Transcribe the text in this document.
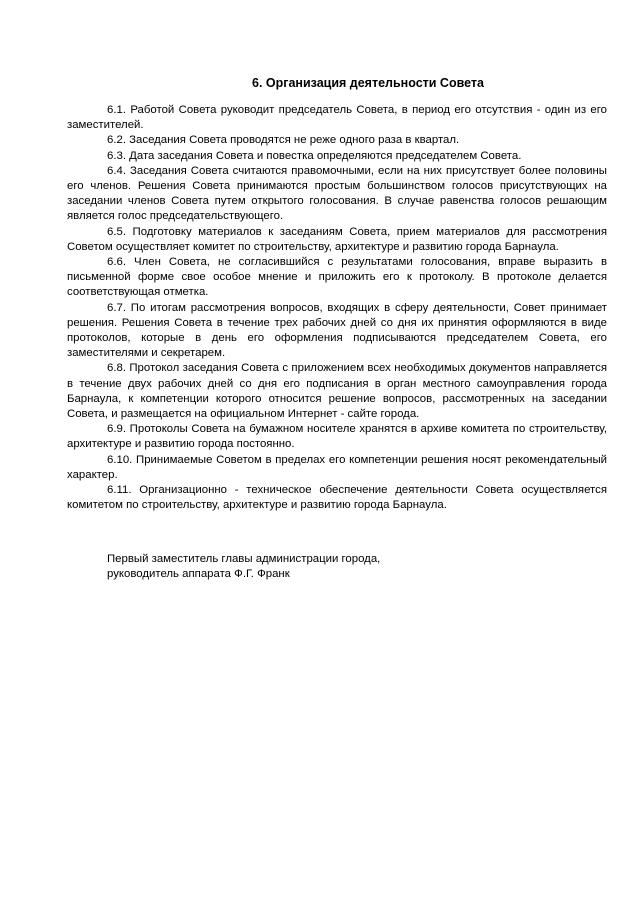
6. Организация деятельности Совета

6.1. Работой Совета руководит председатель Совета, в период его отсутствия - один из его заместителей.

6.2. Заседания Совета проводятся не реже одного раза в квартал.

6.3. Дата заседания Совета и повестка определяются председателем Совета.

6.4. Заседания Совета считаются правомочными, если на них присутствует более половины его членов. Решения Совета принимаются простым большинством голосов присутствующих на заседании членов Совета путем открытого голосования. В случае равенства голосов решающим является голос председательствующего.

6.5. Подготовку материалов к заседаниям Совета, прием материалов для рассмотрения Советом осуществляет комитет по строительству, архитектуре и развитию города Барнаула.

6.6. Член Совета, не согласившийся с результатами голосования, вправе выразить в письменной форме свое особое мнение и приложить его к протоколу. В протоколе делается соответствующая отметка.

6.7. По итогам рассмотрения вопросов, входящих в сферу деятельности, Совет принимает решения. Решения Совета в течение трех рабочих дней со дня их принятия оформляются в виде протоколов, которые в день его оформления подписываются председателем Совета, его заместителями и секретарем.

6.8. Протокол заседания Совета с приложением всех необходимых документов направляется в течение двух рабочих дней со дня его подписания в орган местного самоуправления города Барнаула, к компетенции которого относится решение вопросов, рассмотренных на заседании Совета, и размещается на официальном Интернет - сайте города.

6.9. Протоколы Совета на бумажном носителе хранятся в архиве комитета по строительству, архитектуре и развитию города постоянно.

6.10. Принимаемые Советом в пределах его компетенции решения носят рекомендательный характер.

6.11. Организационно - техническое обеспечение деятельности Совета осуществляется комитетом по строительству, архитектуре и развитию города Барнаула.

Первый заместитель главы администрации города,
руководитель аппарата Ф.Г. Франк
